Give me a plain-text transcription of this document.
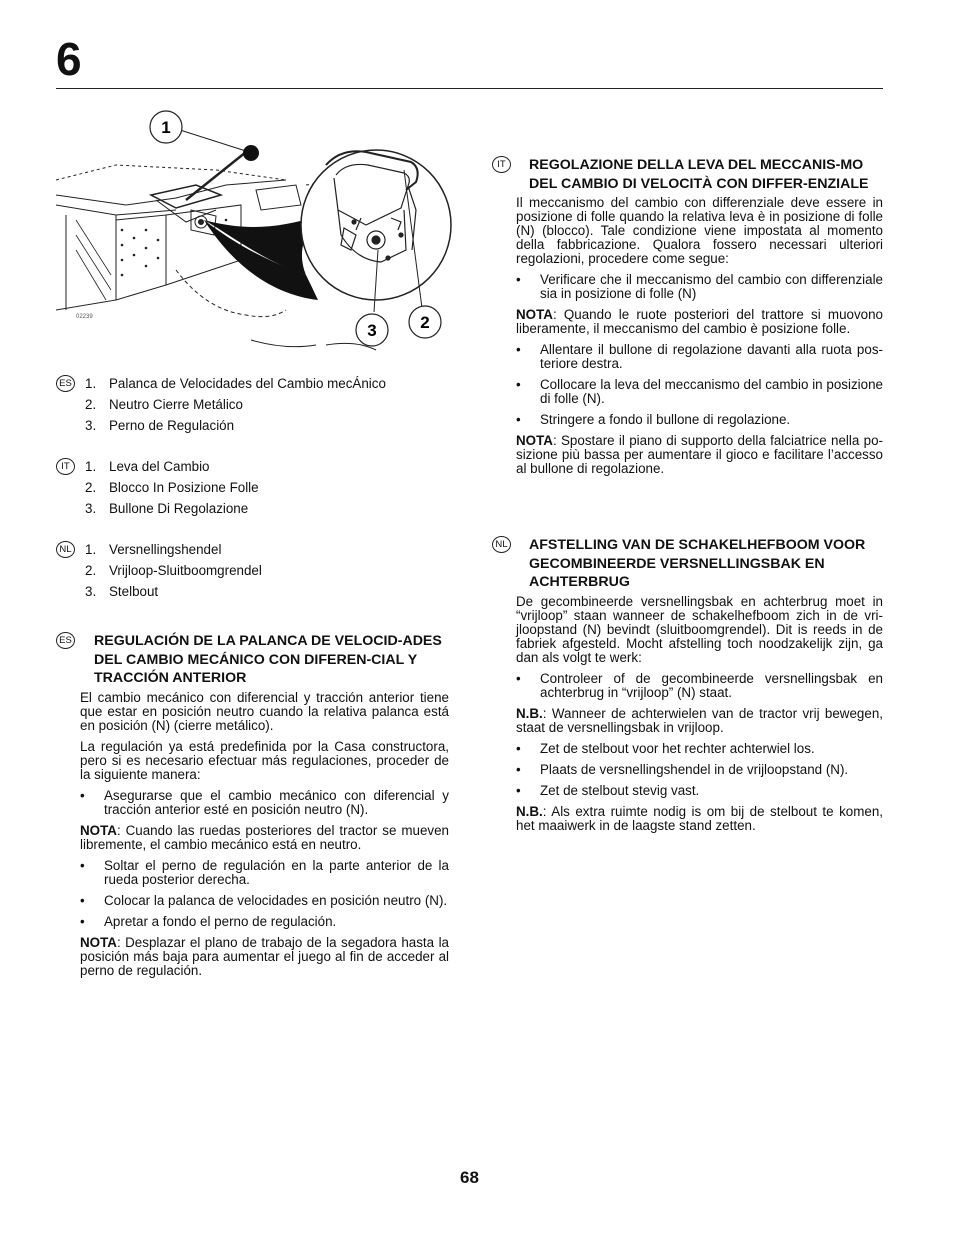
6
1
2
3
02239
ES 1. Palanca de Velocidades del Cambio mecÁnico
2. Neutro Cierre Metálico
3. Perno de Regulación
IT	1. Leva del Cambio
2. Blocco In Posizione Folle
3. Bullone Di Regolazione
NL 1. Versnellingshendel
2. Vrijloop-Sluitboomgrendel
3. Stelbout
ES	REGULACIÓN DE LA PALANCA DE VELOCID-ADES DEL CAMBIO MECÁNICO CON DIFEREN-CIAL Y TRACCIÓN ANTERIOR

El cambio mecánico con diferencial y tracción anterior tiene que estar en posición neutro cuando la relativa palanca está en posición (N) (cierre metálico).

La regulación ya está predefinida por la Casa constructora, pero si es necesario efectuar más regulaciones, proceder de la siguiente manera:

• Asegurarse que el cambio mecánico con diferencial y tracción anterior esté en posición neutro (N).

NOTA: Cuando las ruedas posteriores del tractor se mueven libremente, el cambio mecánico está en neutro.

• Soltar el perno de regulación en la parte anterior de la rueda posterior derecha.
• Colocar la palanca de velocidades en posición neutro (N).
• Apretar a fondo el perno de regulación.

NOTA: Desplazar el plano de trabajo de la segadora hasta la posición más baja para aumentar el juego al fin de acceder al perno de regulación.

IT	REGOLAZIONE DELLA LEVA DEL MECCANIS-MO DEL CAMBIO DI VELOCITÀ CON DIFFER-ENZIALE

Il meccanismo del cambio con differenziale deve essere in posizione di folle quando la relativa leva è in posizione di folle (N) (blocco). Tale condizione viene impostata al momento della fabbricazione. Qualora fossero necessari ulteriori regolazioni, procedere come segue:

• Verificare che il meccanismo del cambio con differenziale sia in posizione di folle (N)

NOTA: Quando le ruote posteriori del trattore si muovono liberamente, il meccanismo del cambio è posizione folle.

• Allentare il bullone di regolazione davanti alla ruota pos-teriore destra.
• Collocare la leva del meccanismo del cambio in posizione di folle (N).
• Stringere a fondo il bullone di regolazione.

NOTA: Spostare il piano di supporto della falciatrice nella po-sizione più bassa per aumentare il gioco e facilitare l’accesso al bullone di regolazione.

NL	AFSTELLING VAN DE SCHAKELHEFBOOM VOOR GECOMBINEERDE VERSNELLINGSBAK EN ACHTERBRUG

De gecombineerde versnellingsbak en achterbrug moet in “vrijloop” staan wanneer de schakelhefboom zich in de vri-jloopstand (N) bevindt (sluitboomgrendel). Dit is reeds in de fabriek afgesteld. Mocht afstelling toch noodzakelijk zijn, ga dan als volgt te werk:

• Controleer of de gecombineerde versnellingsbak en achterbrug in “vrijloop” (N) staat.

N.B.: Wanneer de achterwielen van de tractor vrij bewegen, staat de versnellingsbak in vrijloop.

• Zet de stelbout voor het rechter achterwiel los.
• Plaats de versnellingshendel in de vrijloopstand (N).
• Zet de stelbout stevig vast.

N.B.: Als extra ruimte nodig is om bij de stelbout te komen, het maaiwerk in de laagste stand zetten.

68
